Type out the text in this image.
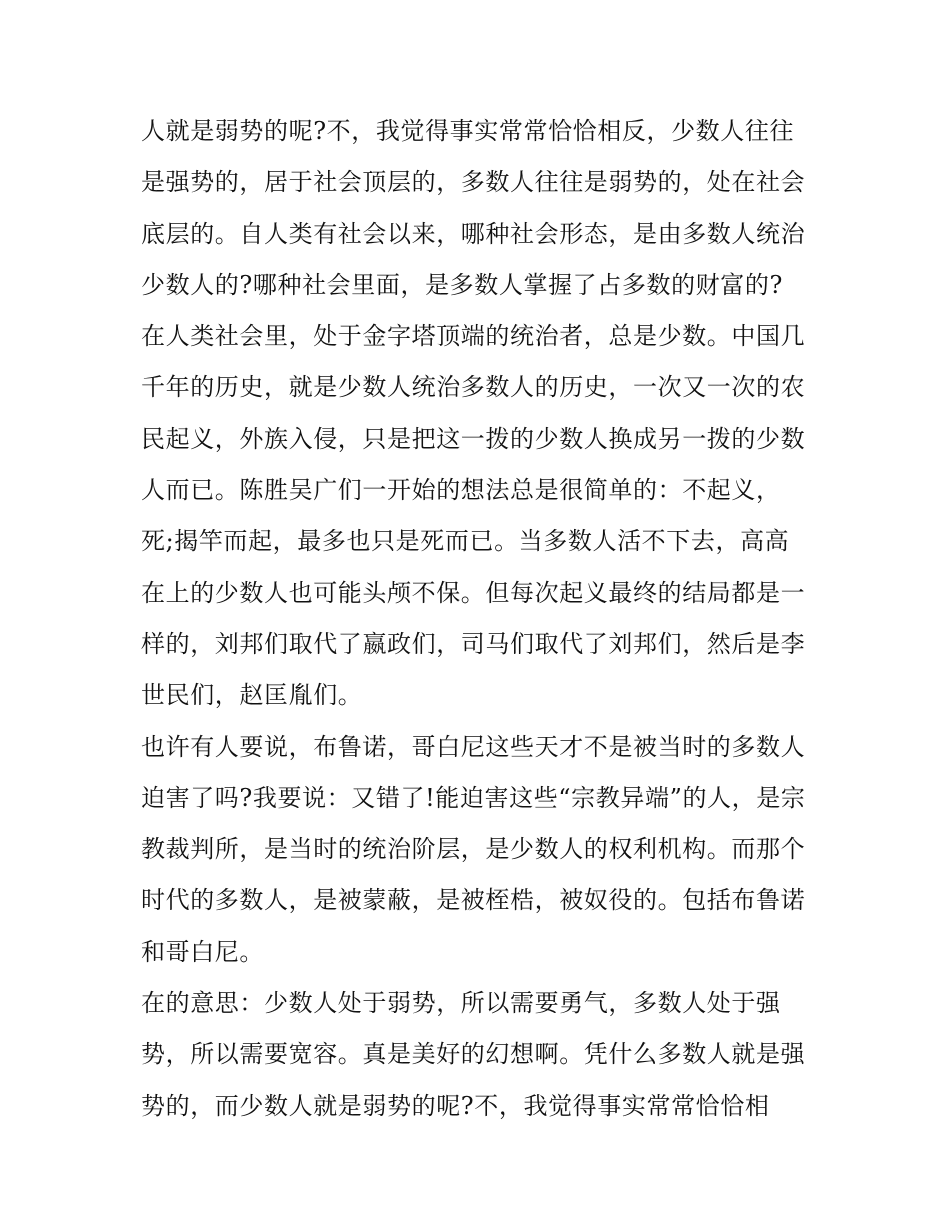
人就是弱势的呢?不，我觉得事实常常恰恰相反，少数人往往
是强势的，居于社会顶层的，多数人往往是弱势的，处在社会
底层的。自人类有社会以来，哪种社会形态，是由多数人统治
少数人的?哪种社会里面，是多数人掌握了占多数的财富的?
在人类社会里，处于金字塔顶端的统治者，总是少数。中国几
千年的历史，就是少数人统治多数人的历史，一次又一次的农
民起义，外族入侵，只是把这一拨的少数人换成另一拨的少数
人而已。陈胜吴广们一开始的想法总是很简单的：不起义，
死;揭竿而起，最多也只是死而已。当多数人活不下去，高高
在上的少数人也可能头颅不保。但每次起义最终的结局都是一
样的，刘邦们取代了嬴政们，司马们取代了刘邦们，然后是李
世民们，赵匡胤们。
也许有人要说，布鲁诺，哥白尼这些天才不是被当时的多数人
迫害了吗?我要说：又错了!能迫害这些“宗教异端”的人，是宗
教裁判所，是当时的统治阶层，是少数人的权利机构。而那个
时代的多数人，是被蒙蔽，是被桎梏，被奴役的。包括布鲁诺
和哥白尼。
在的意思：少数人处于弱势，所以需要勇气，多数人处于强
势，所以需要宽容。真是美好的幻想啊。凭什么多数人就是强
势的，而少数人就是弱势的呢?不，我觉得事实常常恰恰相
